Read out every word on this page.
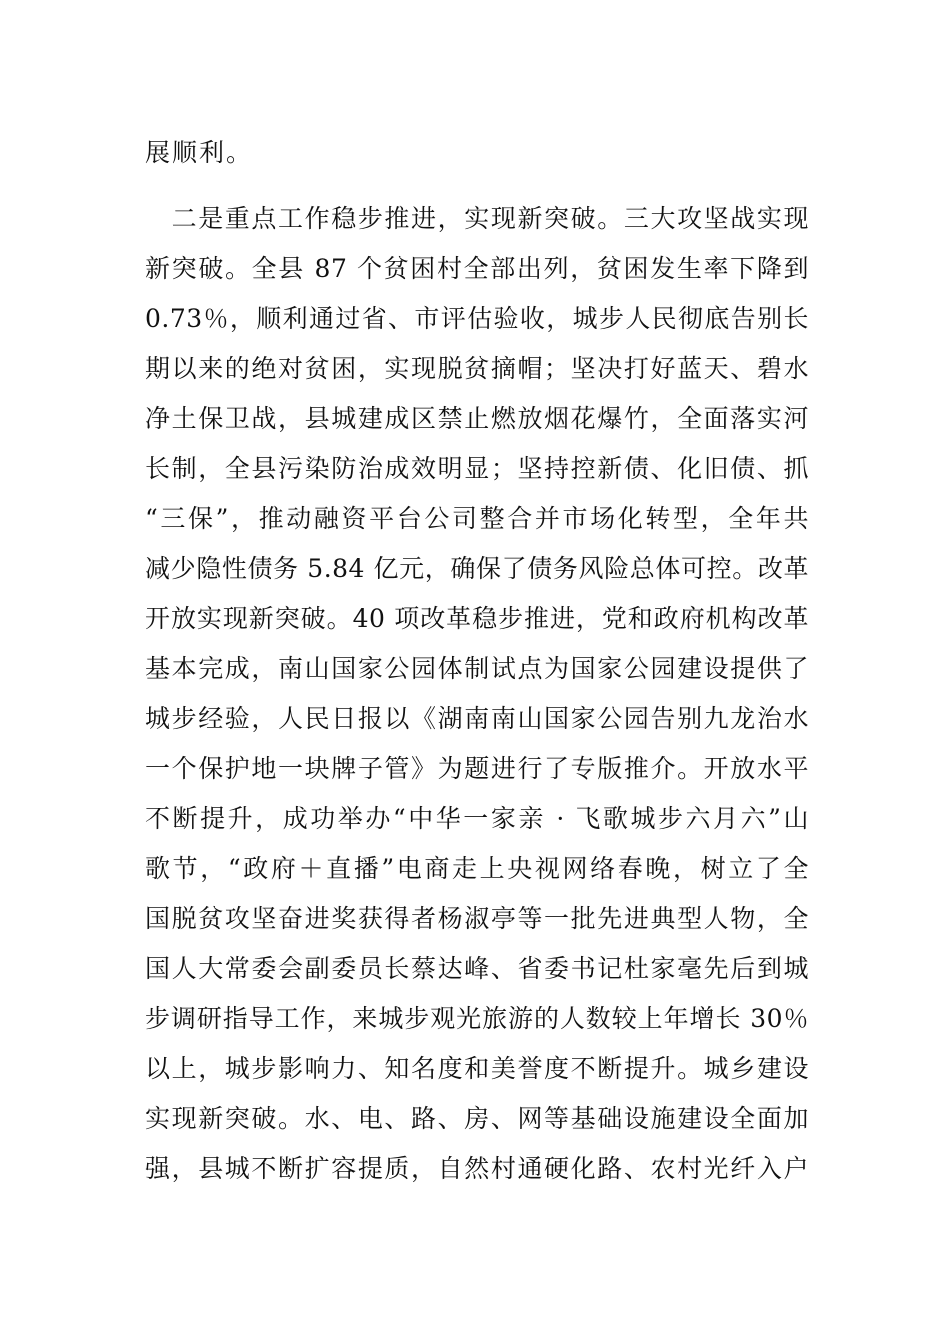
展顺利。
　二是重点工作稳步推进，实现新突破。三大攻坚战实现
新突破。全县 87 个贫困村全部出列，贫困发生率下降到
0.73％，顺利通过省、市评估验收，城步人民彻底告别长
期以来的绝对贫困，实现脱贫摘帽；坚决打好蓝天、碧水
净土保卫战，县城建成区禁止燃放烟花爆竹，全面落实河
长制，全县污染防治成效明显；坚持控新债、化旧债、抓
“三保”，推动融资平台公司整合并市场化转型，全年共
减少隐性债务 5.84 亿元，确保了债务风险总体可控。改革
开放实现新突破。40 项改革稳步推进，党和政府机构改革
基本完成，南山国家公园体制试点为国家公园建设提供了
城步经验，人民日报以《湖南南山国家公园告别九龙治水
一个保护地一块牌子管》为题进行了专版推介。开放水平
不断提升，成功举办“中华一家亲 · 飞歌城步六月六”山
歌节，“政府＋直播”电商走上央视网络春晚，树立了全
国脱贫攻坚奋进奖获得者杨淑亭等一批先进典型人物，全
国人大常委会副委员长蔡达峰、省委书记杜家毫先后到城
步调研指导工作，来城步观光旅游的人数较上年增长 30％
以上，城步影响力、知名度和美誉度不断提升。城乡建设
实现新突破。水、电、路、房、网等基础设施建设全面加
强，县城不断扩容提质，自然村通硬化路、农村光纤入户
